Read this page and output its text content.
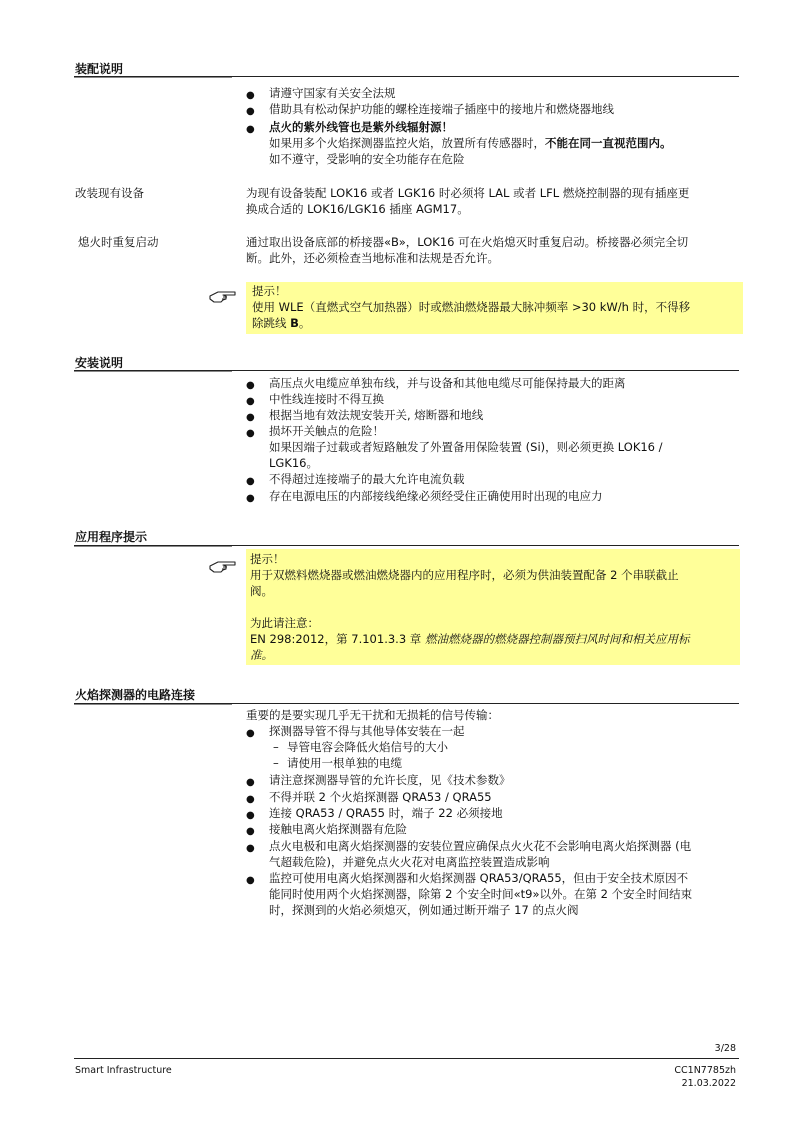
装配说明
● 请遵守国家有关安全法规
● 借助具有松动保护功能的螺栓连接端子插座中的接地片和燃烧器地线
● 点火的紫外线管也是紫外线辐射源！
如果用多个火焰探测器监控火焰，放置所有传感器时，不能在同一直视范围内。
如不遵守，受影响的安全功能存在危险
改装现有设备	为现有设备装配 LOK16 或者 LGK16 时必须将 LAL 或者 LFL 燃烧控制器的现有插座更
换成合适的 LOK16/LGK16 插座 AGM17。
熄火时重复启动	通过取出设备底部的桥接器«B»，LOK16 可在火焰熄灭时重复启动。桥接器必须完全切
断。此外，还必须检查当地标准和法规是否允许。
提示！
使用 WLE（直燃式空气加热器）时或燃油燃烧器最大脉冲频率 >30 kW/h 时，不得移
除跳线 B。
安装说明
● 高压点火电缆应单独布线，并与设备和其他电缆尽可能保持最大的距离
● 中性线连接时不得互换
● 根据当地有效法规安装开关, 熔断器和地线
● 损坏开关触点的危险！
如果因端子过载或者短路触发了外置备用保险装置 (Si)，则必须更换 LOK16 /
LGK16。
● 不得超过连接端子的最大允许电流负载
● 存在电源电压的内部接线绝缘必须经受住正确使用时出现的电应力
应用程序提示
提示！
用于双燃料燃烧器或燃油燃烧器内的应用程序时，必须为供油装置配备 2 个串联截止
阀。
为此请注意：
EN 298:2012，第 7.101.3.3 章 燃油燃烧器的燃烧器控制器预扫风时间和相关应用标
准。
火焰探测器的电路连接
重要的是要实现几乎无干扰和无损耗的信号传输：
● 探测器导管不得与其他导体安装在一起
– 导管电容会降低火焰信号的大小
– 请使用一根单独的电缆
● 请注意探测器导管的允许长度，见《技术参数》
● 不得并联 2 个火焰探测器 QRA53 / QRA55
● 连接 QRA53 / QRA55 时，端子 22 必须接地
● 接触电离火焰探测器有危险
● 点火电极和电离火焰探测器的安装位置应确保点火火花不会影响电离火焰探测器 (电
气超载危险)，并避免点火火花对电离监控装置造成影响
● 监控可使用电离火焰探测器和火焰探测器 QRA53/QRA55，但由于安全技术原因不
能同时使用两个火焰探测器，除第 2 个安全时间«t9»以外。在第 2 个安全时间结束
时，探测到的火焰必须熄灭，例如通过断开端子 17 的点火阀
3/28
Smart Infrastructure	CC1N7785zh
21.03.2022
